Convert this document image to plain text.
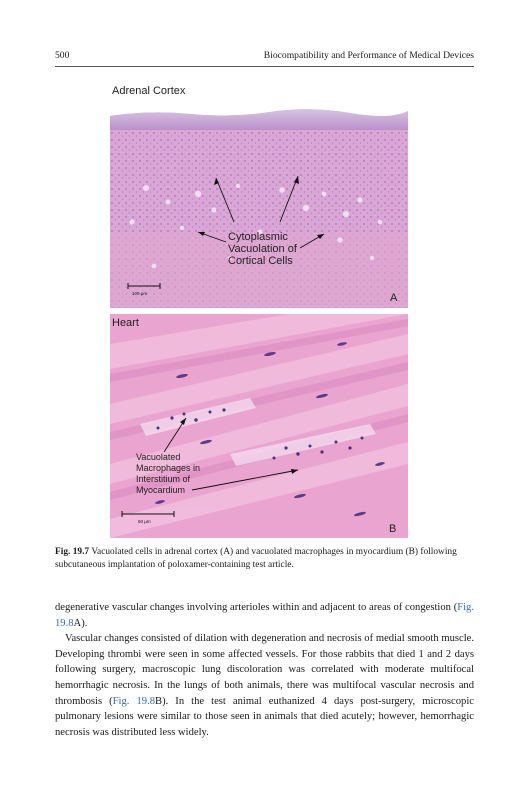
500	Biocompatibility and Performance of Medical Devices
Adrenal Cortex
Cytoplasmic
Vacuolation of
Cortical Cells
100 µm	A
Heart
Vacuolated
Macrophages in
Interstitium of
Myocardium
50 µm
B
Fig. 19.7 Vacuolated cells in adrenal cortex (A) and vacuolated macrophages in myocardium (B) following subcutaneous implantation of poloxamer-containing test article.

degenerative vascular changes involving arterioles within and adjacent to areas of congestion (Fig. 19.8A).

Vascular changes consisted of dilation with degeneration and necrosis of medial smooth muscle. Developing thrombi were seen in some affected vessels. For those rabbits that died 1 and 2 days following surgery, macroscopic lung discoloration was correlated with moderate multifocal hemorrhagic necrosis. In the lungs of both animals, there was multifocal vascular necrosis and thrombosis (Fig. 19.8B). In the test animal euthanized 4 days post-surgery, microscopic pulmonary lesions were similar to those seen in animals that died acutely; however, hemorrhagic necrosis was distributed less widely.
